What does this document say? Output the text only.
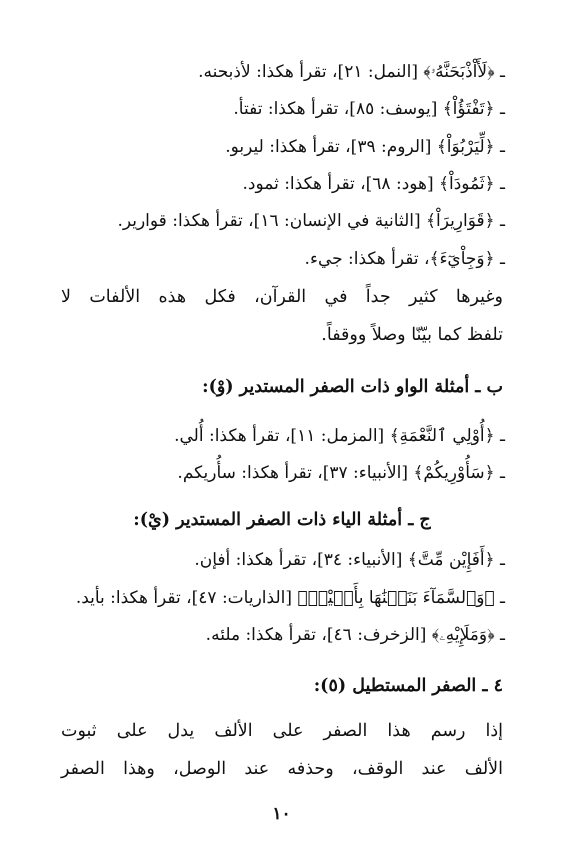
ـ ﴿لَأَاْذْبَحَنَّهُۥ﴾ [النمل: ٢١]، تقرأ هكذا: لأذبحنه.
ـ ﴿تَفْتَؤُاْ﴾ [يوسف: ٨٥]، تقرأ هكذا: تفتأ.
ـ ﴿لِّيَرْبُوَاْ﴾ [الروم: ٣٩]، تقرأ هكذا: ليربو.
ـ ﴿ثَمُودَاْ﴾ [هود: ٦٨]، تقرأ هكذا: ثمود.
ـ ﴿قَوَارِيرَاْ﴾ [الثانية في الإنسان: ١٦]، تقرأ هكذا: قوارير.
ـ ﴿وَجِاْيٓءَ﴾، تقرأ هكذا: جيء.
وغيرها كثير جداً في القرآن، فكل هذه الألفات لا
تلفظ كما بيّنّا وصلاً ووقفاً.
ب ـ أمثلة الواو ذات الصفر المستدير (وْ):
ـ ﴿أُوْلِي ٱلنَّعْمَةِ﴾ [المزمل: ١١]، تقرأ هكذا: أُلي.
ـ ﴿سَأُوْرِيكُمْ﴾ [الأنبياء: ٣٧]، تقرأ هكذا: سأُريكم.
ج ـ أمثلة الياء ذات الصفر المستدير (يْ):
ـ ﴿أَفَإِيْن مِّتَّ﴾ [الأنبياء: ٣٤]، تقرأ هكذا: أفإن.
ـ ﴿وَٱلسَّمَآءَ بَنَيۡنَٰهَا بِأَيۡيْدٖ﴾ [الذاريات: ٤٧]، تقرأ هكذا: بأيد.
ـ ﴿وَمَلَإِيْهِۦ﴾ [الزخرف: ٤٦]، تقرأ هكذا: ملئه.
٤ ـ الصفر المستطيل (٥):
إذا رسم هذا الصفر على الألف يدل على ثبوت
الألف عند الوقف، وحذفه عند الوصل، وهذا الصفر
١٠
